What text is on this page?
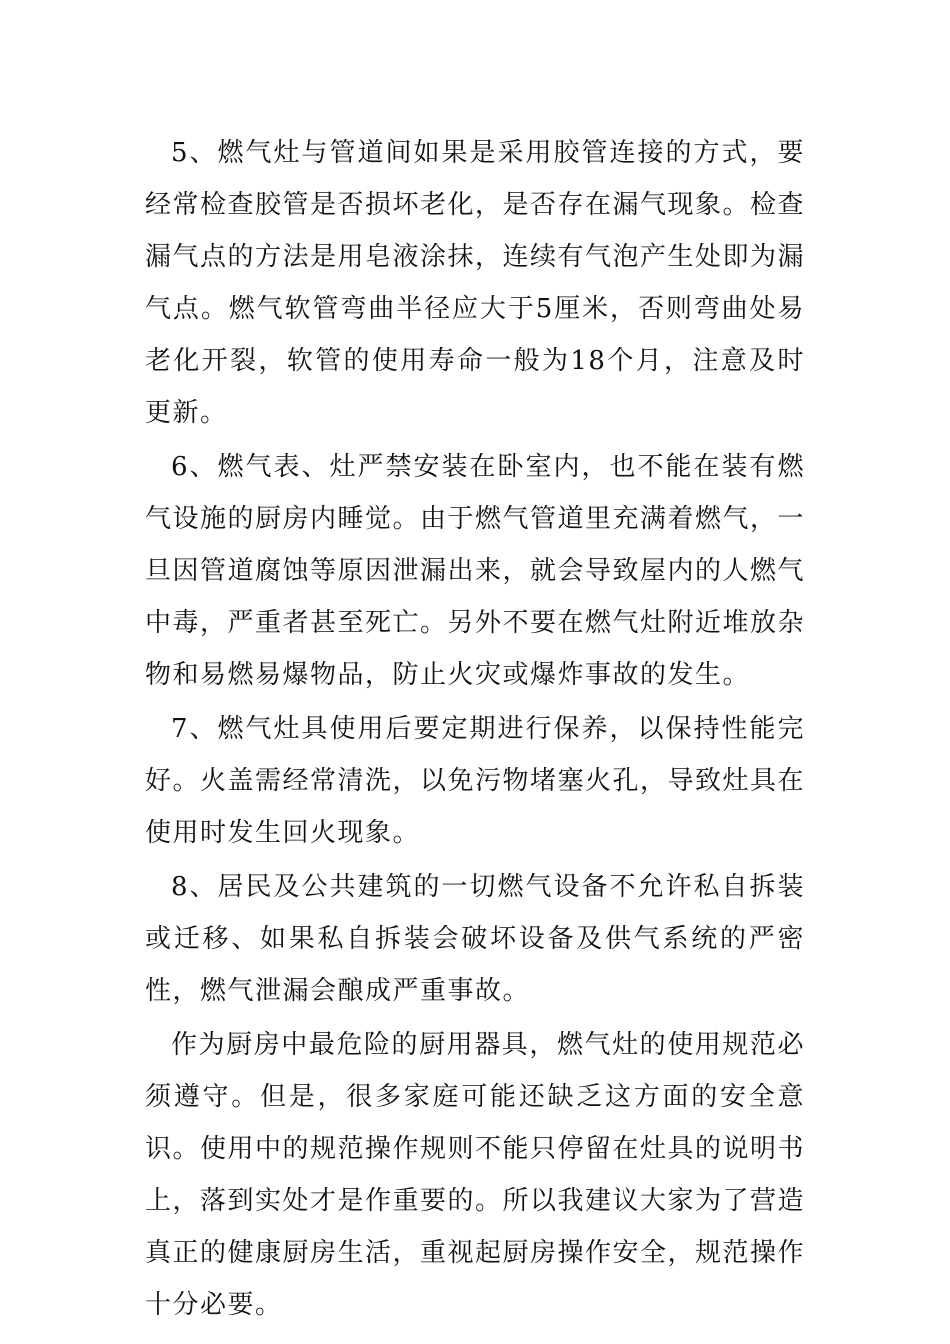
5、燃气灶与管道间如果是采用胶管连接的方式，要经常检查胶管是否损坏老化，是否存在漏气现象。检查漏气点的方法是用皂液涂抹，连续有气泡产生处即为漏气点。燃气软管弯曲半径应大于5厘米，否则弯曲处易老化开裂，软管的使用寿命一般为18个月，注意及时更新。

6、燃气表、灶严禁安装在卧室内，也不能在装有燃气设施的厨房内睡觉。由于燃气管道里充满着燃气，一旦因管道腐蚀等原因泄漏出来，就会导致屋内的人燃气中毒，严重者甚至死亡。另外不要在燃气灶附近堆放杂物和易燃易爆物品，防止火灾或爆炸事故的发生。

7、燃气灶具使用后要定期进行保养，以保持性能完好。火盖需经常清洗，以免污物堵塞火孔，导致灶具在使用时发生回火现象。

8、居民及公共建筑的一切燃气设备不允许私自拆装或迁移、如果私自拆装会破坏设备及供气系统的严密性，燃气泄漏会酿成严重事故。

作为厨房中最危险的厨用器具，燃气灶的使用规范必须遵守。但是，很多家庭可能还缺乏这方面的安全意识。使用中的规范操作规则不能只停留在灶具的说明书上，落到实处才是作重要的。所以我建议大家为了营造真正的健康厨房生活，重视起厨房操作安全，规范操作十分必要。
